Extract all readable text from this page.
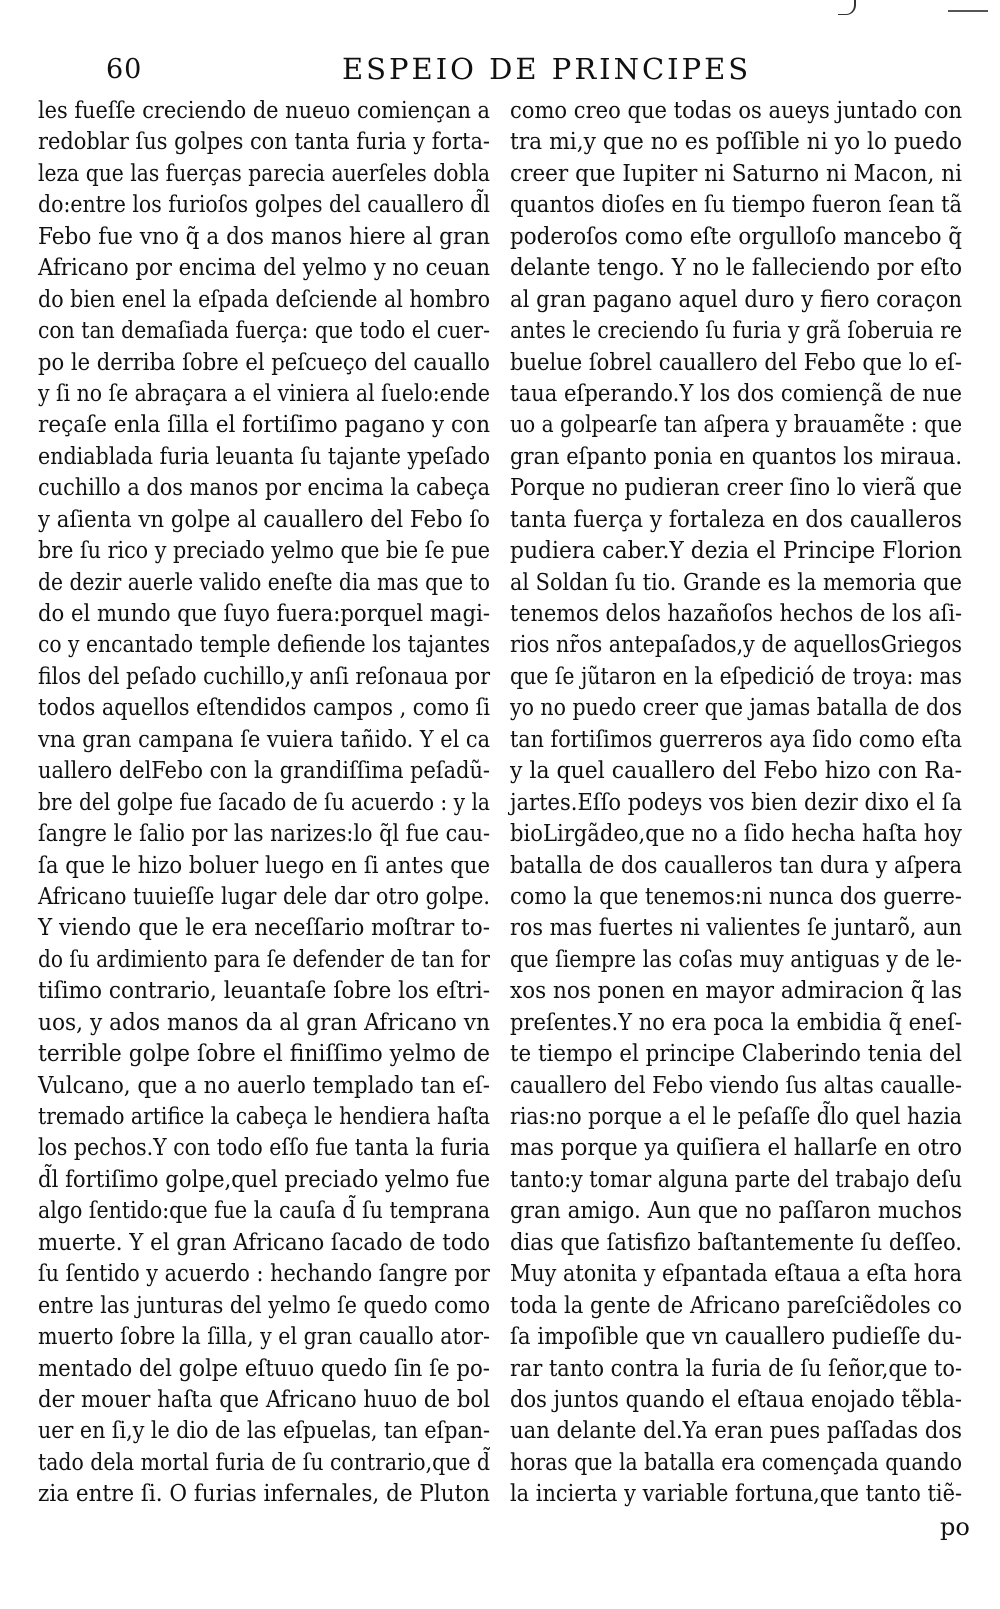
60	ESPEIO DE PRINCIPES
les fueſſe creciendo de nueuo comiençan a
redoblar ſus golpes con tanta furia y forta-
leza que las fuerças parecia auerſeles dobla
do:entre los furioſos golpes del cauallero d̃l
Febo fue vno q̃ a dos manos hiere al gran
Africano por encima del yelmo y no ceuan
do bien enel la eſpada deſciende al hombro
con tan demaſiada fuerça: que todo el cuer-
po le derriba ſobre el peſcueço del cauallo
y ſi no ſe abraçara a el viniera al ſuelo:ende
reçaſe enla ſilla el fortiſimo pagano y con
endiablada furia leuanta ſu tajante ypeſado
cuchillo a dos manos por encima la cabeça
y aſienta vn golpe al cauallero del Febo ſo
bre ſu rico y preciado yelmo que bie ſe pue
de dezir auerle valido eneſte dia mas que to
do el mundo que ſuyo fuera:porquel magi-
co y encantado temple defiende los tajantes
filos del peſado cuchillo,y anſi reſonaua por
todos aquellos eſtendidos campos , como ſi
vna gran campana ſe vuiera tañido. Y el ca
uallero delFebo con la grandiſſima peſadũ-
bre del golpe fue ſacado de ſu acuerdo : y la
ſangre le ſalio por las narizes:lo q̃l fue cau-
ſa que le hizo boluer luego en ſi antes que
Africano tuuieſſe lugar dele dar otro golpe.
Y viendo que le era neceſſario moſtrar to-
do ſu ardimiento para ſe defender de tan for
tiſimo contrario, leuantaſe ſobre los eſtri-
uos, y ados manos da al gran Africano vn
terrible golpe ſobre el finiſſimo yelmo de
Vulcano, que a no auerlo templado tan eſ-
tremado artifice la cabeça le hendiera haſta
los pechos.Y con todo eſſo fue tanta la furia
d̃l fortiſimo golpe,quel preciado yelmo fue
algo ſentido:que fue la cauſa d̃ ſu temprana
muerte. Y el gran Africano ſacado de todo
ſu ſentido y acuerdo : hechando ſangre por
entre las junturas del yelmo ſe quedo como
muerto ſobre la ſilla, y el gran cauallo ator-
mentado del golpe eſtuuo quedo ſin ſe po-
der mouer haſta que Africano huuo de bol
uer en ſi,y le dio de las eſpuelas, tan eſpan-
tado dela mortal furia de ſu contrario,que d̃
zia entre ſi. O furias infernales, de Pluton
como creo que todas os aueys juntado con
tra mi,y que no es poſſible ni yo lo puedo
creer que Iupiter ni Saturno ni Macon, ni
quantos dioſes en ſu tiempo fueron ſean tã
poderoſos como eſte orgulloſo mancebo q̃
delante tengo. Y no le falleciendo por eſto
al gran pagano aquel duro y fiero coraçon
antes le creciendo ſu furia y grã ſoberuia re
buelue ſobrel cauallero del Febo que lo eſ-
taua eſperando.Y los dos comiençã de nue
uo a golpearſe tan aſpera y brauamẽte : que
gran eſpanto ponia en quantos los miraua.
Porque no pudieran creer ſino lo vierã que
tanta fuerça y fortaleza en dos caualleros
pudiera caber.Y dezia el Principe Florion
al Soldan ſu tio. Grande es la memoria que
tenemos delos hazañoſos hechos de los aſi-
rios nr̃os antepaſados,y de aquellosGriegos
que ſe jũtaron en la eſpedició de troya: mas
yo no puedo creer que jamas batalla de dos
tan fortiſimos guerreros aya ſido como eſta
y la quel cauallero del Febo hizo con Ra-
jartes.Eſſo podeys vos bien dezir dixo el ſa
bioLirgãdeo,que no a ſido hecha haſta hoy
batalla de dos caualleros tan dura y aſpera
como la que tenemos:ni nunca dos guerre-
ros mas fuertes ni valientes ſe juntarõ, aun
que ſiempre las coſas muy antiguas y de le-
xos nos ponen en mayor admiracion q̃ las
preſentes.Y no era poca la embidia q̃ eneſ-
te tiempo el principe Claberindo tenia del
cauallero del Febo viendo ſus altas caualle-
rias:no porque a el le peſaſſe d̃lo quel hazia
mas porque ya quiſiera el hallarſe en otro
tanto:y tomar alguna parte del trabajo deſu
gran amigo. Aun que no paſſaron muchos
dias que ſatisfizo baſtantemente ſu deſſeo.
Muy atonita y eſpantada eſtaua a eſta hora
toda la gente de Africano pareſciẽdoles co
ſa impoſible que vn cauallero pudieſſe du-
rar tanto contra la furia de ſu ſeñor,que to-
dos juntos quando el eſtaua enojado tẽbla-
uan delante del.Ya eran pues paſſadas dos
horas que la batalla era començada quando
la incierta y variable fortuna,que tanto tiẽ-
po
